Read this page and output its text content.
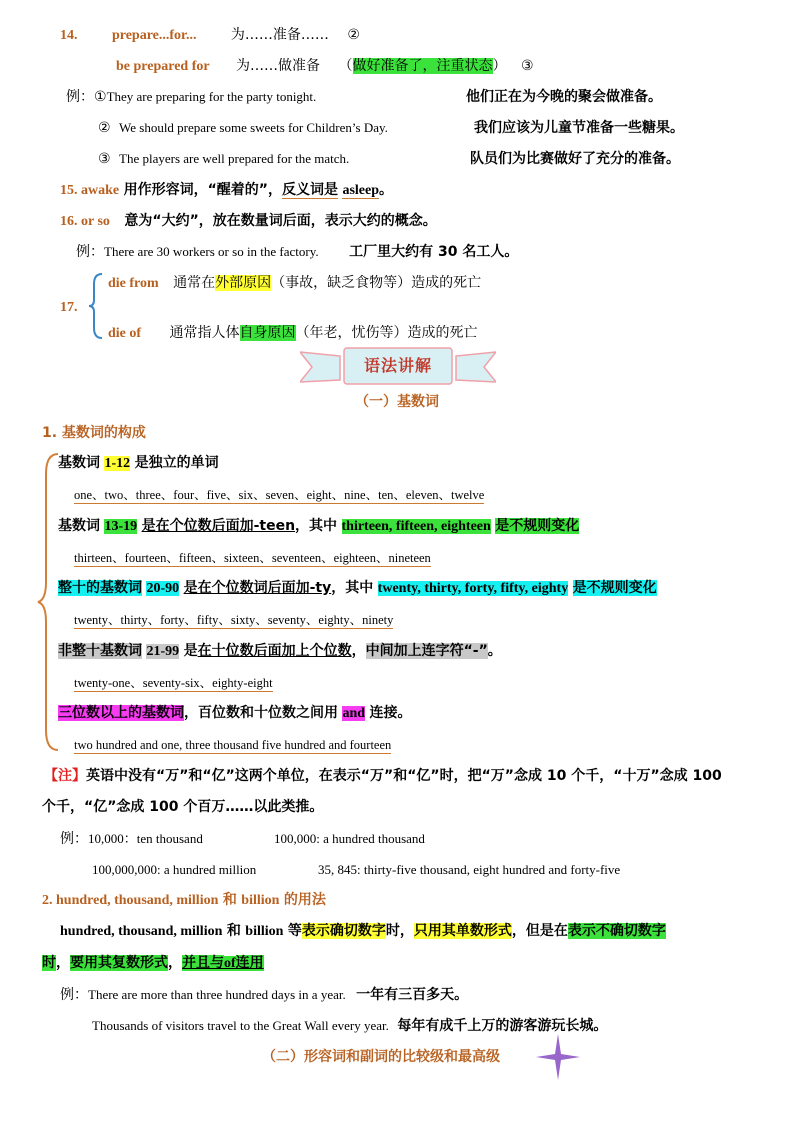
14. prepare...for... 为……准备…… ②
be prepared for 为……做准备 （做好准备了，注重状态） ③
例：①They are preparing for the party tonight.	他们正在为今晚的聚会做准备。
② We should prepare some sweets for Children’s Day.	我们应该为儿童节准备一些糖果。
③ The players are well prepared for the match.	队员们为比赛做好了充分的准备。
15. awake 用作形容词，“醒着的”，反义词是 asleep。
16. or so 意为“大约”，放在数量词后面，表示大约的概念。
例：There are 30 workers or so in the factory. 工厂里大约有 30 名工人。
17.
die from 通常在外部原因（事故，缺乏食物等）造成的死亡
die of 通常指人体自身原因（年老，忧伤等）造成的死亡
语法讲解
（一）基数词
1. 基数词的构成
基数词 1-12 是独立的单词
one、two、three、four、five、six、seven、eight、nine、ten、eleven、twelve
基数词 13-19 是在个位数后面加-teen，其中 thirteen, fifteen, eighteen 是不规则变化
thirteen、fourteen、fifteen、sixteen、seventeen、eighteen、nineteen
整十的基数词 20-90 是在个位数词后面加-ty，其中 twenty, thirty, forty, fifty, eighty 是不规则变化
twenty、thirty、forty、fifty、sixty、seventy、eighty、ninety
非整十基数词 21-99 是在十位数后面加上个位数，中间加上连字符“-”。
twenty-one、seventy-six、eighty-eight
三位数以上的基数词，百位数和十位数之间用 and 连接。
two hundred and one, three thousand five hundred and fourteen
【注】英语中没有“万”和“亿”这两个单位，在表示“万”和“亿”时，把“万”念成 10 个千，“十万”念成 100
个千，“亿”念成 100 个百万……以此类推。
例：10,000：ten thousand	100,000: a hundred thousand
100,000,000: a hundred million	35, 845: thirty-five thousand, eight hundred and forty-five
2. hundred, thousand, million 和 billion 的用法
hundred, thousand, million 和 billion 等表示确切数字时，只用其单数形式，但是在表示不确切数字
时，要用其复数形式，并且与of连用
例：There are more than three hundred days in a year. 一年有三百多天。
Thousands of visitors travel to the Great Wall every year. 每年有成千上万的游客游玩长城。
（二）形容词和副词的比较级和最高级
